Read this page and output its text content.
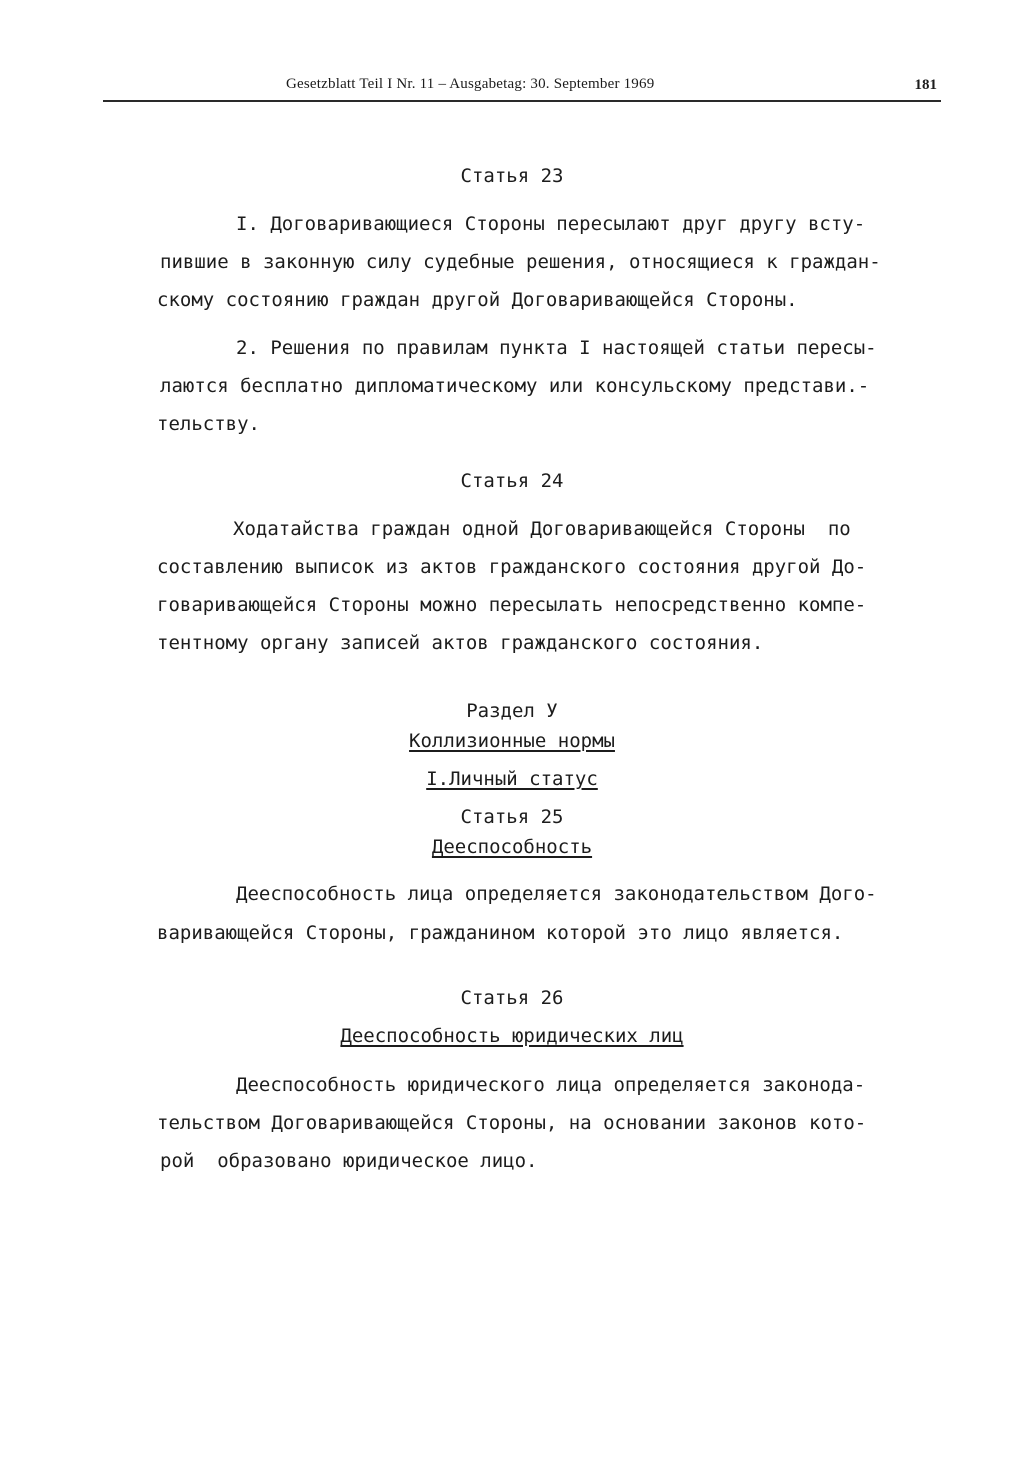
Gesetzblatt Teil I Nr. 11 – Ausgabetag: 30. September 1969	181
Статья 23
I. Договаривающиеся Стороны пересылают друг другу всту-
пившие в законную силу судебные решения, относящиеся к граждан-
скому состоянию граждан другой Договаривающейся Стороны.
2. Решения по правилам пункта I настоящей статьи пересы-
лаются бесплатно дипломатическому или консульскому представи.-
тельству.
Статья 24
Ходатайства граждан одной Договаривающейся Стороны  по
составлению выписок из актов гражданского состояния другой До-
говаривающейся Стороны можно пересылать непосредственно компе-
тентному органу записей актов гражданского состояния.
Раздел У
Коллизионные нормы
I.Личный статус
Статья 25
Дееспособность
Дееспособность лица определяется законодательством Дого-
варивающейся Стороны, гражданином которой это лицо является.
Статья 26
Дееспособность юридических лиц
Дееспособность юридического лица определяется законода-
тельством Договаривающейся Стороны, на основании законов кото-
рой  образовано юридическое лицо.
